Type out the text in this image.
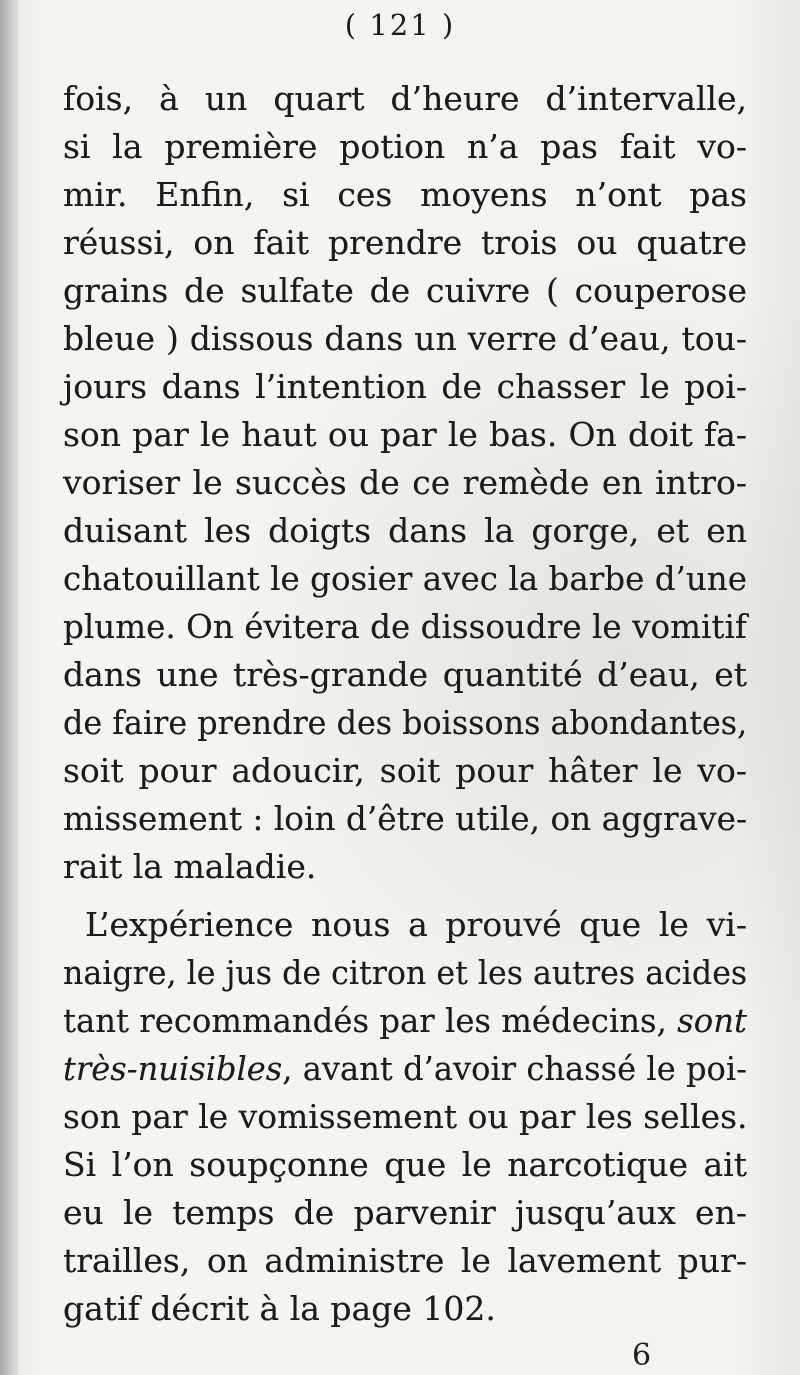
( 121 )
fois, à un quart d’heure d’intervalle,
si la première potion n’a pas fait vo-
mir. Enfin, si ces moyens n’ont pas
réussi, on fait prendre trois ou quatre
grains de sulfate de cuivre ( couperose
bleue ) dissous dans un verre d’eau, tou-
jours dans l’intention de chasser le poi-
son par le haut ou par le bas. On doit fa-
voriser le succès de ce remède en intro-
duisant les doigts dans la gorge, et en
chatouillant le gosier avec la barbe d’une
plume. On évitera de dissoudre le vomitif
dans une très-grande quantité d’eau, et
de faire prendre des boissons abondantes,
soit pour adoucir, soit pour hâter le vo-
missement : loin d’être utile, on aggrave-
rait la maladie.
L’expérience nous a prouvé que le vi-
naigre, le jus de citron et les autres acides
tant recommandés par les médecins, sont
très-nuisibles, avant d’avoir chassé le poi-
son par le vomissement ou par les selles.
Si l’on soupçonne que le narcotique ait
eu le temps de parvenir jusqu’aux en-
trailles, on administre le lavement pur-
gatif décrit à la page 102.
6
